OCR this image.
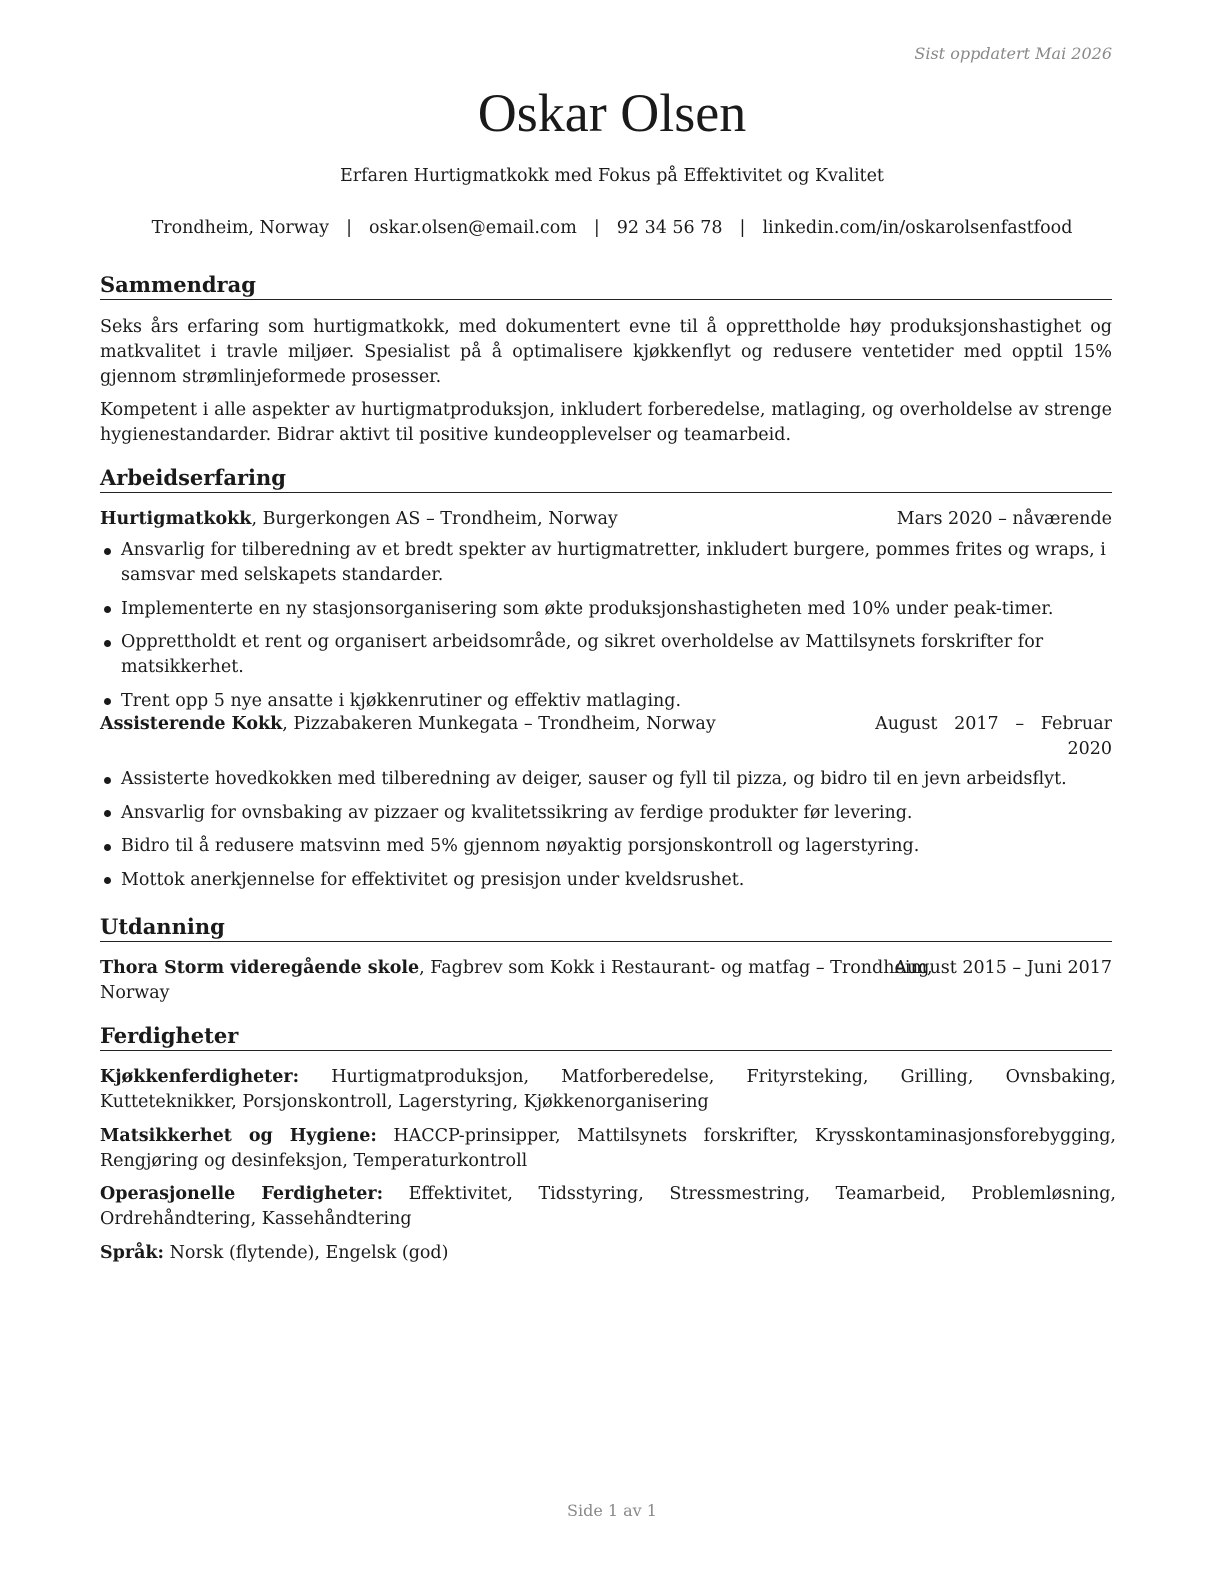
Sist oppdatert Mai 2026
Oskar Olsen
Erfaren Hurtigmatkokk med Fokus på Effektivitet og Kvalitet
Trondheim, Norway | oskar.olsen@email.com | 92 34 56 78 | linkedin.com/in/oskarolsenfastfood
Sammendrag
Seks års erfaring som hurtigmatkokk, med dokumentert evne til å opprettholde høy produksjonshastighet og matkvalitet i travle miljøer. Spesialist på å optimalisere kjøkkenflyt og redusere ventetider med opptil 15% gjennom strømlinjeformede prosesser.
Kompetent i alle aspekter av hurtigmatproduksjon, inkludert forberedelse, matlaging, og overholdelse av strenge hygienestandarder. Bidrar aktivt til positive kundeopplevelser og teamarbeid.
Arbeidserfaring
Hurtigmatkokk, Burgerkongen AS – Trondheim, Norway	Mars 2020 – nåværende
Ansvarlig for tilberedning av et bredt spekter av hurtigmatretter, inkludert burgere, pommes frites og wraps, i samsvar med selskapets standarder.
Implementerte en ny stasjonsorganisering som økte produksjonshastigheten med 10% under peak-timer.
Opprettholdt et rent og organisert arbeidsområde, og sikret overholdelse av Mattilsynets forskrifter for matsikkerhet.
Trent opp 5 nye ansatte i kjøkkenrutiner og effektiv matlaging.
Assisterende Kokk, Pizzabakeren Munkegata – Trondheim, Norway	August   2017   –   Februar
2020
Assisterte hovedkokken med tilberedning av deiger, sauser og fyll til pizza, og bidro til en jevn arbeidsflyt.
Ansvarlig for ovnsbaking av pizzaer og kvalitetssikring av ferdige produkter før levering.
Bidro til å redusere matsvinn med 5% gjennom nøyaktig porsjonskontroll og lagerstyring.
Mottok anerkjennelse for effektivitet og presisjon under kveldsrushet.
Utdanning
Thora Storm videregående skole, Fagbrev som Kokk i Restaurant- og matfag – Trondheim,
Norway
August 2015 – Juni 2017
Ferdigheter
Kjøkkenferdigheter: Hurtigmatproduksjon, Matforberedelse, Frityrsteking, Grilling, Ovnsbaking, Kutteteknikker, Porsjonskontroll, Lagerstyring, Kjøkkenorganisering
Matsikkerhet og Hygiene: HACCP-prinsipper, Mattilsynets forskrifter, Krysskontaminasjonsforebygging, Rengjøring og desinfeksjon, Temperaturkontroll
Operasjonelle Ferdigheter: Effektivitet, Tidsstyring, Stressmestring, Teamarbeid, Problemløsning, Ordrehåndtering, Kassehåndtering
Språk: Norsk (flytende), Engelsk (god)
Side 1 av 1
